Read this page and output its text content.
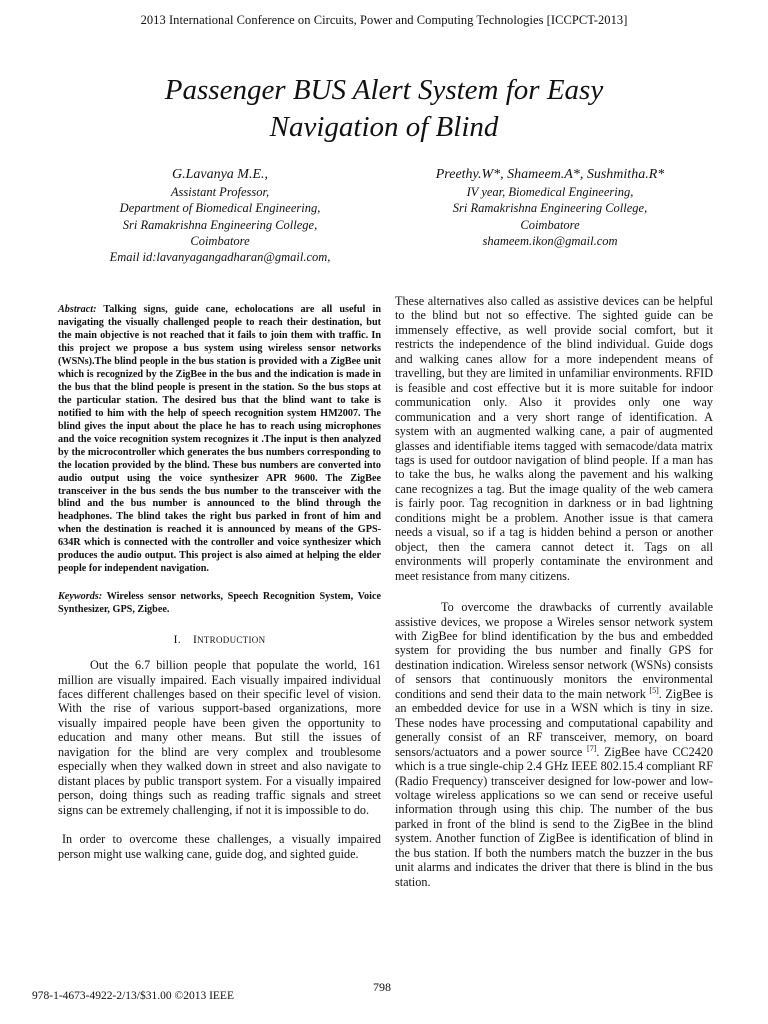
2013 International Conference on Circuits, Power and Computing Technologies [ICCPCT-2013]
Passenger BUS Alert System for Easy
Navigation of Blind
G.Lavanya M.E.,
Assistant Professor,
Department of Biomedical Engineering,
Sri Ramakrishna Engineering College,
Coimbatore
Email id:lavanyagangadharan@gmail.com,
Preethy.W*, Shameem.A*, Sushmitha.R*
IV year, Biomedical Engineering,
Sri Ramakrishna Engineering College,
Coimbatore
shameem.ikon@gmail.com

Abstract: Talking signs, guide cane, echolocations are all useful in navigating the visually challenged people to reach their destination, but the main objective is not reached that it fails to join them with traffic. In this project we propose a bus system using wireless sensor networks (WSNs).The blind people in the bus station is provided with a ZigBee unit which is recognized by the ZigBee in the bus and the indication is made in the bus that the blind people is present in the station. So the bus stops at the particular station. The desired bus that the blind want to take is notified to him with the help of speech recognition system HM2007. The blind gives the input about the place he has to reach using microphones and the voice recognition system recognizes it .The input is then analyzed by the microcontroller which generates the bus numbers corresponding to the location provided by the blind. These bus numbers are converted into audio output using the voice synthesizer APR 9600. The ZigBee transceiver in the bus sends the bus number to the transceiver with the blind and the bus number is announced to the blind through the headphones. The blind takes the right bus parked in front of him and when the destination is reached it is announced by means of the GPS-634R which is connected with the controller and voice synthesizer which produces the audio output. This project is also aimed at helping the elder people for independent navigation.

Keywords: Wireless sensor networks, Speech Recognition System, Voice Synthesizer, GPS, Zigbee.

I. INTRODUCTION

Out the 6.7 billion people that populate the world, 161 million are visually impaired. Each visually impaired individual faces different challenges based on their specific level of vision. With the rise of various support-based organizations, more visually impaired people have been given the opportunity to education and many other means. But still the issues of navigation for the blind are very complex and troublesome especially when they walked down in street and also navigate to distant places by public transport system. For a visually impaired person, doing things such as reading traffic signals and street signs can be extremely challenging, if not it is impossible to do.

In order to overcome these challenges, a visually impaired person might use walking cane, guide dog, and sighted guide.

These alternatives also called as assistive devices can be helpful to the blind but not so effective. The sighted guide can be immensely effective, as well provide social comfort, but it restricts the independence of the blind individual. Guide dogs and walking canes allow for a more independent means of travelling, but they are limited in unfamiliar environments. RFID is feasible and cost effective but it is more suitable for indoor communication only. Also it provides only one way communication and a very short range of identification. A system with an augmented walking cane, a pair of augmented glasses and identifiable items tagged with semacode/data matrix tags is used for outdoor navigation of blind people. If a man has to take the bus, he walks along the pavement and his walking cane recognizes a tag. But the image quality of the web camera is fairly poor. Tag recognition in darkness or in bad lightning conditions might be a problem. Another issue is that camera needs a visual, so if a tag is hidden behind a person or another object, then the camera cannot detect it. Tags on all environments will properly contaminate the environment and meet resistance from many citizens.

To overcome the drawbacks of currently available assistive devices, we propose a Wireles sensor network system with ZigBee for blind identification by the bus and embedded system for providing the bus number and finally GPS for destination indication. Wireless sensor network (WSNs) consists of sensors that continuously monitors the environmental conditions and send their data to the main network [5]. ZigBee is an embedded device for use in a WSN which is tiny in size. These nodes have processing and computational capability and generally consist of an RF transceiver, memory, on board sensors/actuators and a power source [7]. ZigBee have CC2420 which is a true single-chip 2.4 GHz IEEE 802.15.4 compliant RF (Radio Frequency) transceiver designed for low-power and low-voltage wireless applications so we can send or receive useful information through using this chip. The number of the bus parked in front of the blind is send to the ZigBee in the blind system. Another function of ZigBee is identification of blind in the bus station. If both the numbers match the buzzer in the bus unit alarms and indicates the driver that there is blind in the bus station.

978-1-4673-4922-2/13/$31.00 ©2013 IEEE
798
